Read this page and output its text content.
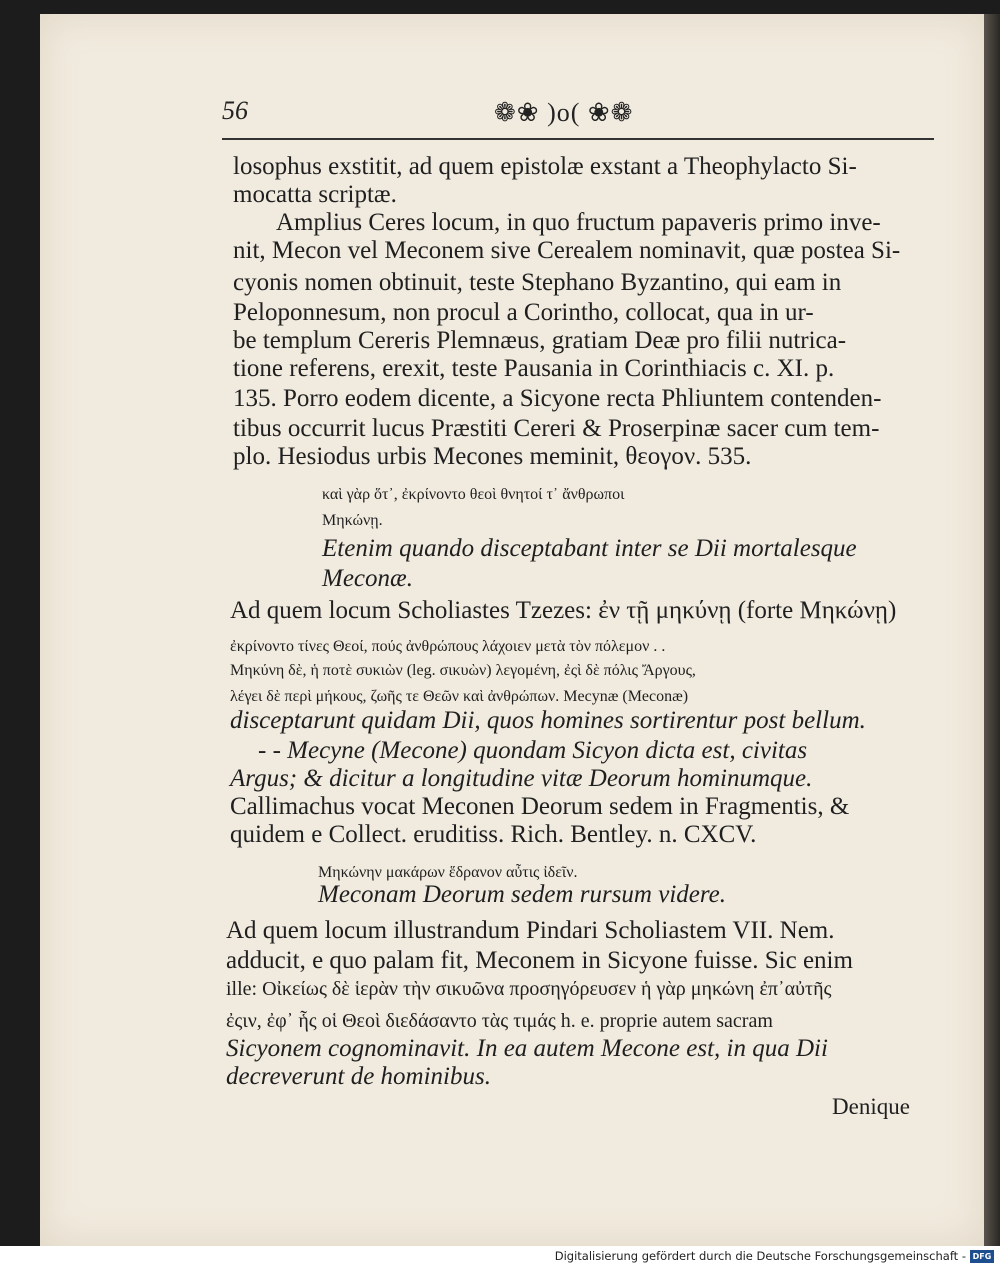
56	❁❀ )o( ❀❁
losophus exstitit, ad quem epistolæ exstant a Theophylacto Si-
mocatta scriptæ.
Amplius Ceres locum, in quo fructum papaveris primo inve-
nit, Mecon vel Meconem sive Cerealem nominavit, quæ postea Si-
cyonis nomen obtinuit, teste Stephano Byzantino, qui eam in
Peloponnesum, non procul a Corintho, collocat, qua in ur-
be templum Cereris Plemnæus, gratiam Deæ pro filii nutrica-
tione referens, erexit, teste Pausania in Corinthiacis c. XI. p.
135. Porro eodem dicente, a Sicyone recta Phliuntem contenden-
tibus occurrit lucus Præstiti Cereri & Proserpinæ sacer cum tem-
plo. Hesiodus urbis Mecones meminit, θεογον. 535.
καὶ γὰρ ὅτ᾽, ἐκρίνοντο θεοὶ θνητοί τ᾽ ἄνθρωποι
Μηκώνῃ.
Etenim quando disceptabant inter se Dii mortalesque
Meconæ.
Ad quem locum Scholiastes Tzezes: ἐν τῇ μηκύνῃ (forte Μηκώνῃ)
ἐκρίνοντο τίνες Θεοί, πούς ἀνθρώπους λάχοιεν μετὰ τὸν πόλεμον . .
Μηκύνη δὲ, ἡ ποτὲ συκιὼν (leg. σικυὼν) λεγομένη, ἐςὶ δὲ πόλις Ἄργους,
λέγει δὲ περὶ μήκους, ζωῆς τε Θεῶν καὶ ἀνθρώπων. Mecynæ (Meconæ)
disceptarunt quidam Dii, quos homines sortirentur post bellum.
- - Mecyne (Mecone) quondam Sicyon dicta est, civitas
Argus; & dicitur a longitudine vitæ Deorum hominumque.
Callimachus vocat Meconen Deorum sedem in Fragmentis, &
quidem e Collect. eruditiss. Rich. Bentley. n. CXCV.
Μηκώνην μακάρων ἕδρανον αὖτις ἰδεῖν.
Meconam Deorum sedem rursum videre.
Ad quem locum illustrandum Pindari Scholiastem VII. Nem.
adducit, e quo palam fit, Meconem in Sicyone fuisse. Sic enim
ille: Οἰκείως δὲ ἱερὰν τὴν σικυῶνα προσηγόρευσεν ἡ γὰρ μηκώνη ἐπ᾽αὐτῆς
ἐςιν, ἐφ᾽ ἧς οἱ Θεοὶ διεδάσαντο τὰς τιμάς h. e. proprie autem sacram
Sicyonem cognominavit. In ea autem Mecone est, in qua Dii
decreverunt de hominibus.
Denique
Digitalisierung gefördert durch die Deutsche Forschungsgemeinschaft - DFG
